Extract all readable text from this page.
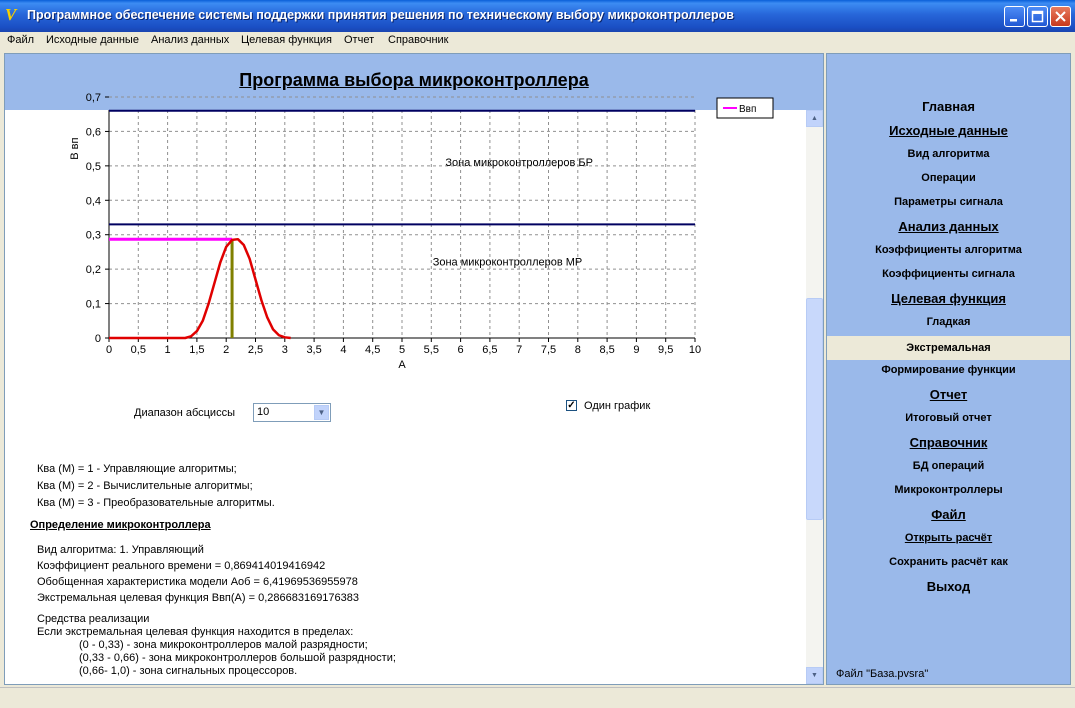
V Программное обеспечение системы поддержки принятия решения по техническому выбору микроконтроллеров
Файл Исходные данные Анализ данных Целевая функция Отчет Справочник
Программа выбора микроконтроллера
0 0,5 1 1,5 2 2,5 3 3,5 4 4,5 5 5,5 6 6,5 7 7,5 8 8,5 9 9,5 10
0
0,1
0,2
0,3
0,4
0,5
0,6
0,7
А
В вп
Зона микроконтроллеров БР
Зона микроконтроллеров МР
Ввп
Диапазон абсциссы 10	▼
✓ Один график
Ква (М) = 1 - Управляющие алгоритмы;
Ква (М) = 2 - Вычислительные алгоритмы;
Ква (М) = 3 - Преобразовательные алгоритмы.
Определение микроконтроллера
Вид алгоритма: 1. Управляющий
Коэффициент реального времени = 0,869414019416942
Обобщенная характеристика модели Аоб = 6,41969536955978
Экстремальная целевая функция Ввп(А) = 0,286683169176383
Средства реализации
Если экстремальная целевая функция находится в пределах:
(0 - 0,33) - зона микроконтроллеров малой разрядности;
(0,33 - 0,66) - зона микроконтроллеров большой разрядности;
(0,66- 1,0) - зона сигнальных процессоров.
▲
▼
Главная
Исходные данные
Вид алгоритма
Операции
Параметры сигнала
Анализ данных
Коэффициенты алгоритма
Коэффициенты сигнала
Целевая функция
Гладкая
Экстремальная
Формирование функции
Отчет
Итоговый отчет
Справочник
БД операций
Микроконтроллеры
Файл
Открыть расчёт
Сохранить расчёт как
Выход
Файл "База.pvsra"
